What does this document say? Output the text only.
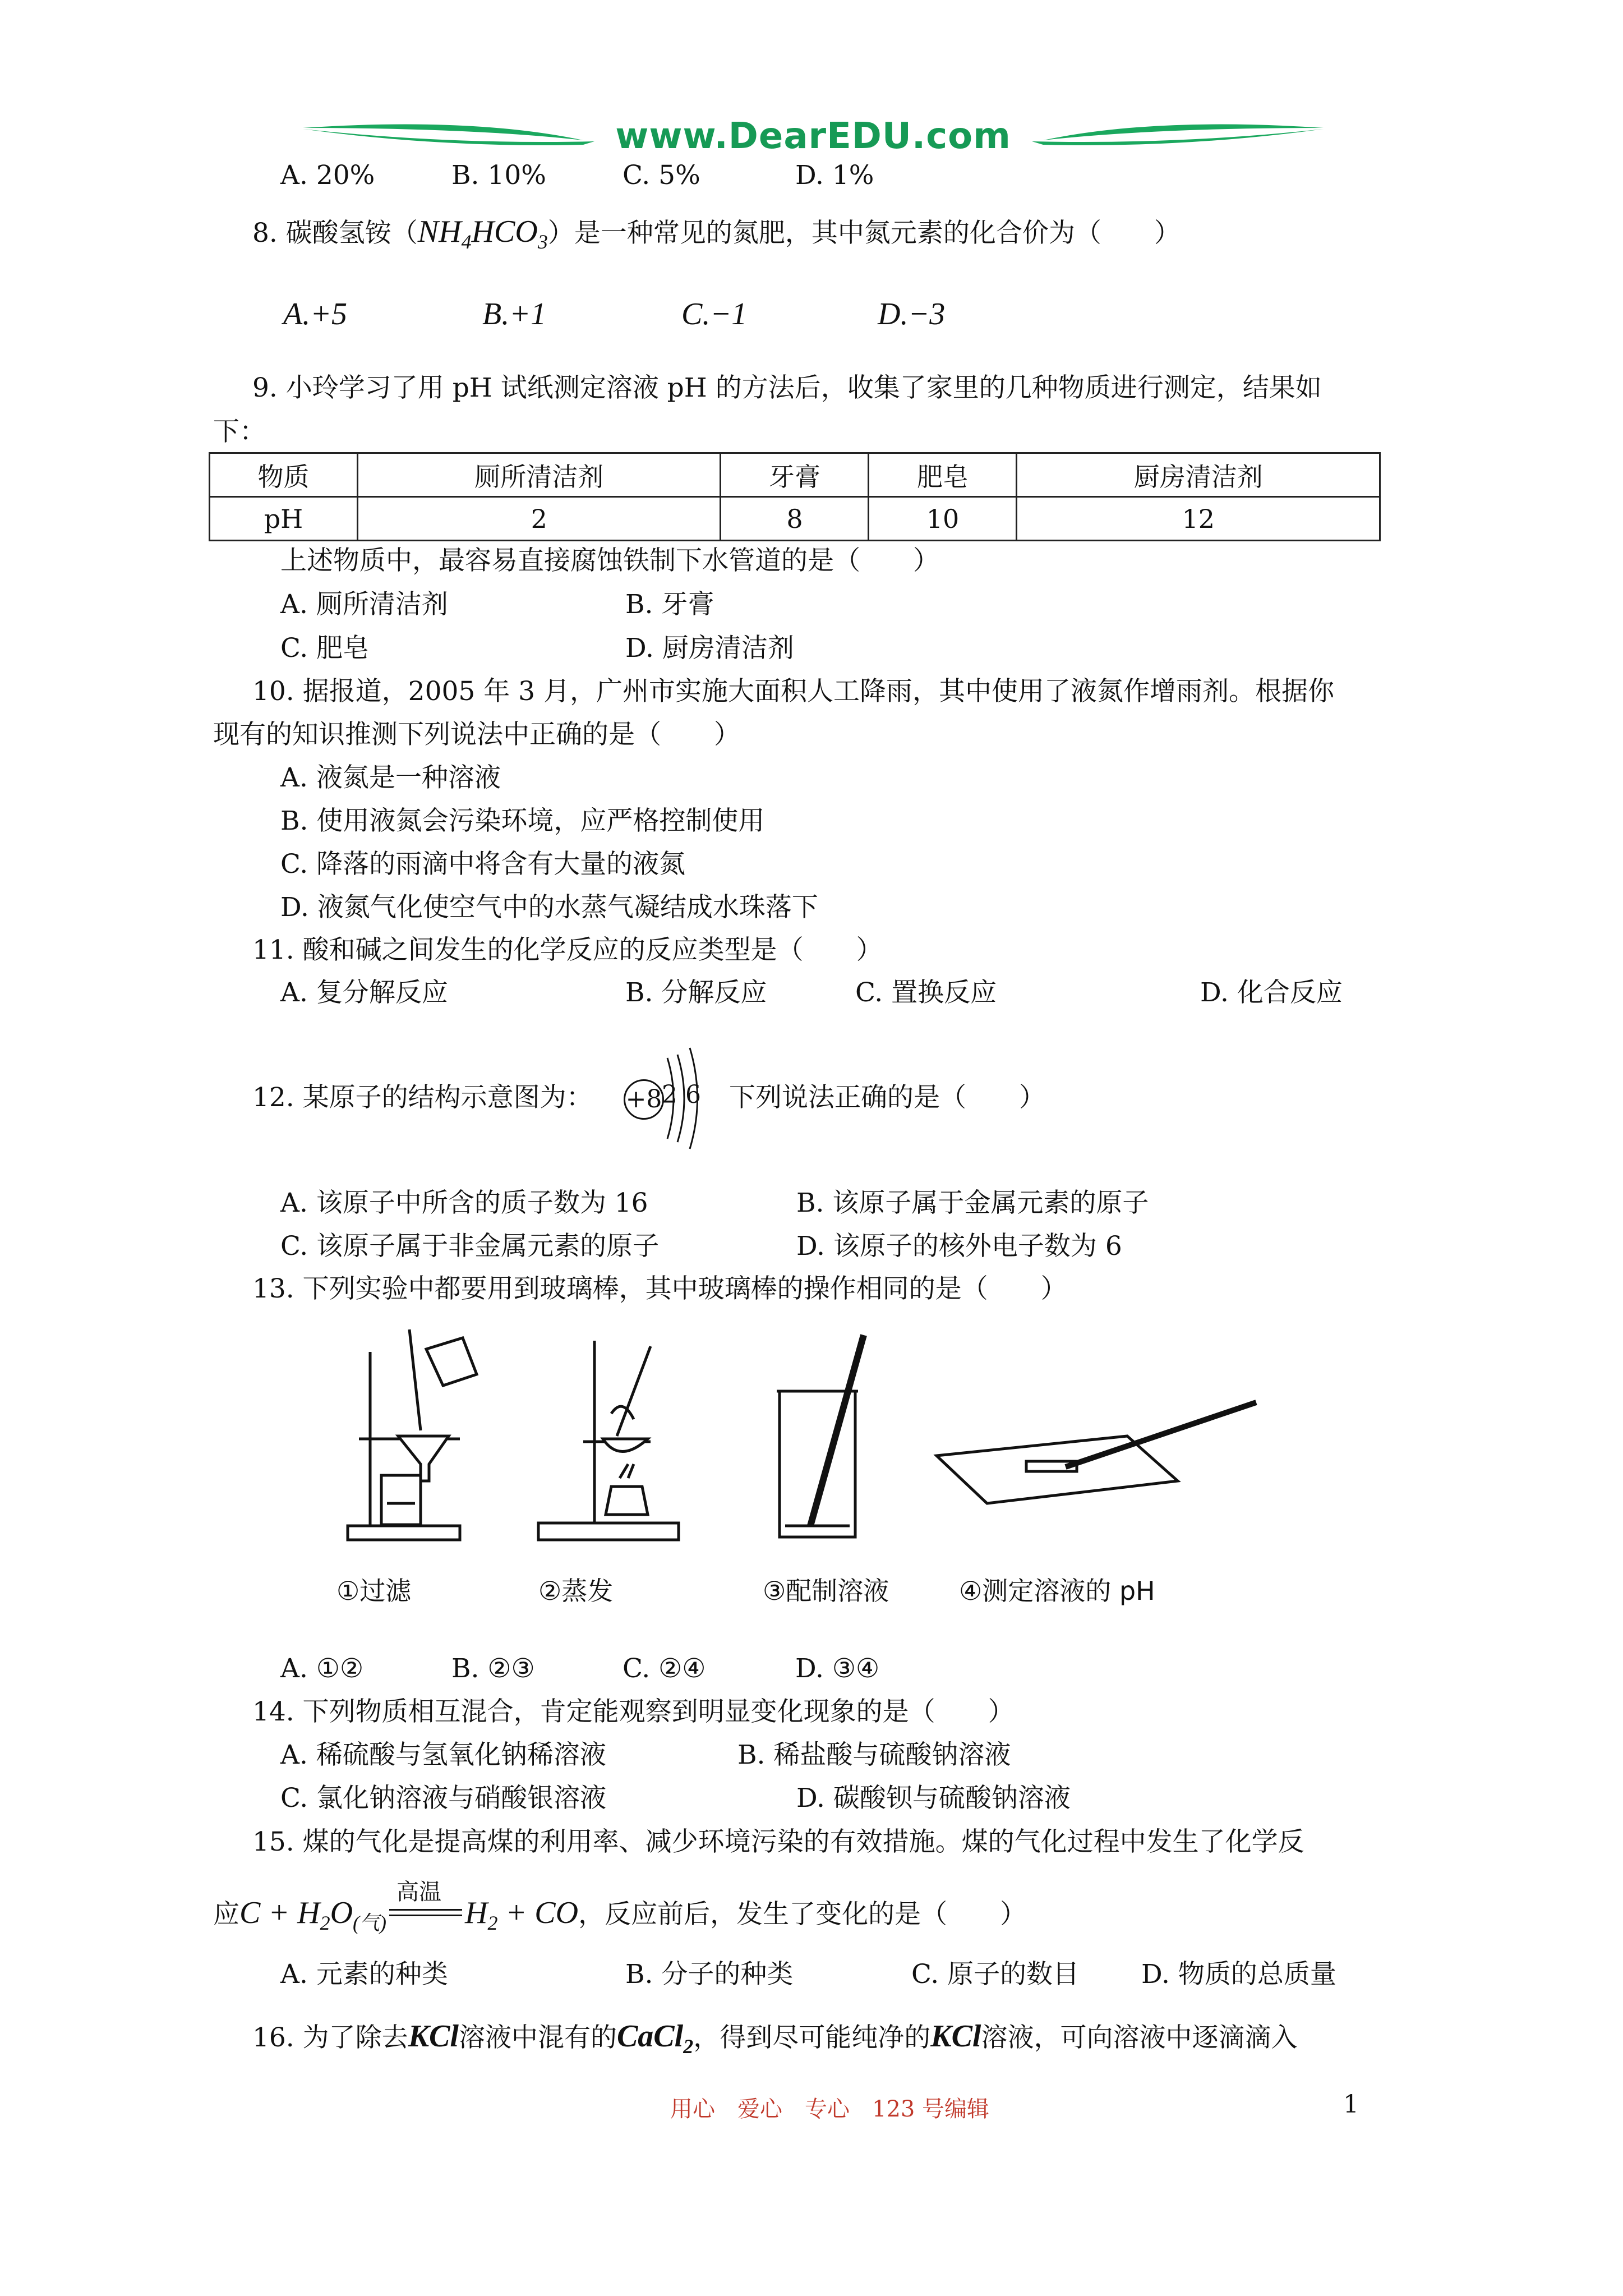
www.DearEDU.com
A. 20%	B. 10%	C. 5%	D. 1%
8. 碳酸氢铵$(NH_4HCO_3)$是一种常见的氮肥，其中氮元素的化合价为（　　）
A.+5	B.+1	C.−1	D.−3
9. 小玲学习了用 pH 试纸测定溶液 pH 的方法后，收集了家里的几种物质进行测定，结果如
下：
物质	厕所清洁剂	牙膏	肥皂	厨房清洁剂
pH	2	8	10	12
上述物质中，最容易直接腐蚀铁制下水管道的是（　　）
A. 厕所清洁剂	B. 牙膏
C. 肥皂	D. 厨房清洁剂
10. 据报道，2005 年 3 月，广州市实施大面积人工降雨，其中使用了液氮作增雨剂。根据你
现有的知识推测下列说法中正确的是（　　）
A. 液氮是一种溶液
B. 使用液氮会污染环境，应严格控制使用
C. 降落的雨滴中将含有大量的液氮
D. 液氮气化使空气中的水蒸气凝结成水珠落下
11. 酸和碱之间发生的化学反应的反应类型是（　　）
A. 复分解反应	B. 分解反应	C. 置换反应	D. 化合反应
12. 某原子的结构示意图为： +8 2 6 下列说法正确的是（　　）
A. 该原子中所含的质子数为 16	B. 该原子属于金属元素的原子
C. 该原子属于非金属元素的原子	D. 该原子的核外电子数为 6
13. 下列实验中都要用到玻璃棒，其中玻璃棒的操作相同的是（　　）
①过滤	②蒸发	③配制溶液	④测定溶液的 pH
A. ①②	B. ②③	C. ②④	D. ③④
14. 下列物质相互混合，肯定能观察到明显变化现象的是（　　）
A. 稀硫酸与氢氧化钠稀溶液	B. 稀盐酸与硫酸钠溶液
C. 氯化钠溶液与硝酸银溶液	D. 碳酸钡与硫酸钠溶液
15. 煤的气化是提高煤的利用率、减少环境污染的有效措施。煤的气化过程中发生了化学反
应$C + H_2O_{(气)}$
高温
$H_2$ + CO，反应前后，发生了变化的是（　　）
A. 元素的种类	B. 分子的种类	C. 原子的数目 D. 物质的总质量
16. 为了除去KCl溶液中混有的CaCl$_2$，得到尽可能纯净的KCl溶液，可向溶液中逐滴滴入
用心　爱心　专心　123 号编辑	1
